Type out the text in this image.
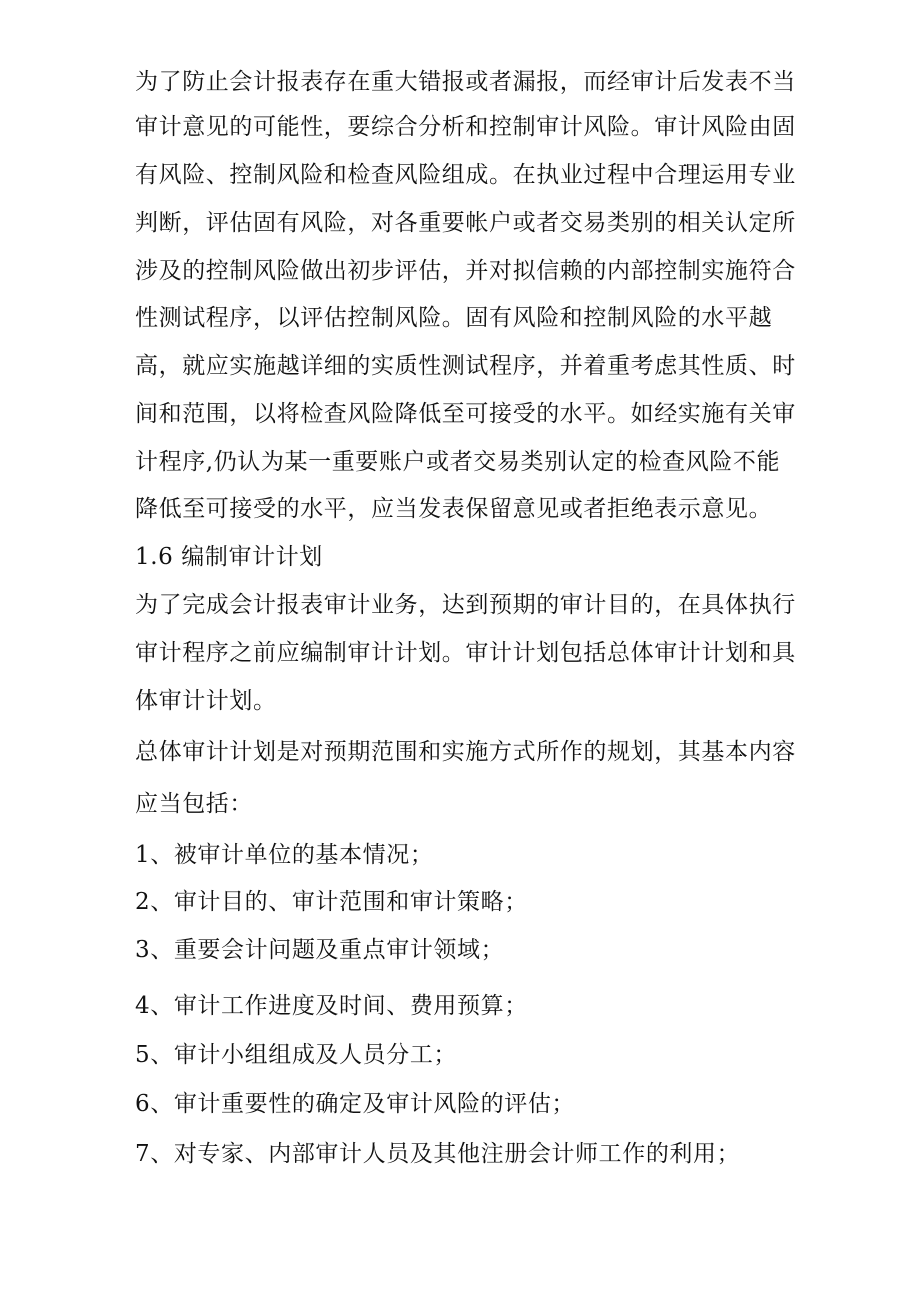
为了防止会计报表存在重大错报或者漏报，而经审计后发表不当
审计意见的可能性，要综合分析和控制审计风险。审计风险由固
有风险、控制风险和检查风险组成。在执业过程中合理运用专业
判断，评估固有风险，对各重要帐户或者交易类别的相关认定所
涉及的控制风险做出初步评估，并对拟信赖的内部控制实施符合
性测试程序，以评估控制风险。固有风险和控制风险的水平越
高，就应实施越详细的实质性测试程序，并着重考虑其性质、时
间和范围，以将检查风险降低至可接受的水平。如经实施有关审
计程序,仍认为某一重要账户或者交易类别认定的检查风险不能
降低至可接受的水平，应当发表保留意见或者拒绝表示意见。
1.6 编制审计计划
为了完成会计报表审计业务，达到预期的审计目的，在具体执行
审计程序之前应编制审计计划。审计计划包括总体审计计划和具
体审计计划。
总体审计计划是对预期范围和实施方式所作的规划，其基本内容
应当包括：
1、被审计单位的基本情况；
2、审计目的、审计范围和审计策略；
3、重要会计问题及重点审计领域；
4、审计工作进度及时间、费用预算；
5、审计小组组成及人员分工；
6、审计重要性的确定及审计风险的评估；
7、对专家、内部审计人员及其他注册会计师工作的利用；
